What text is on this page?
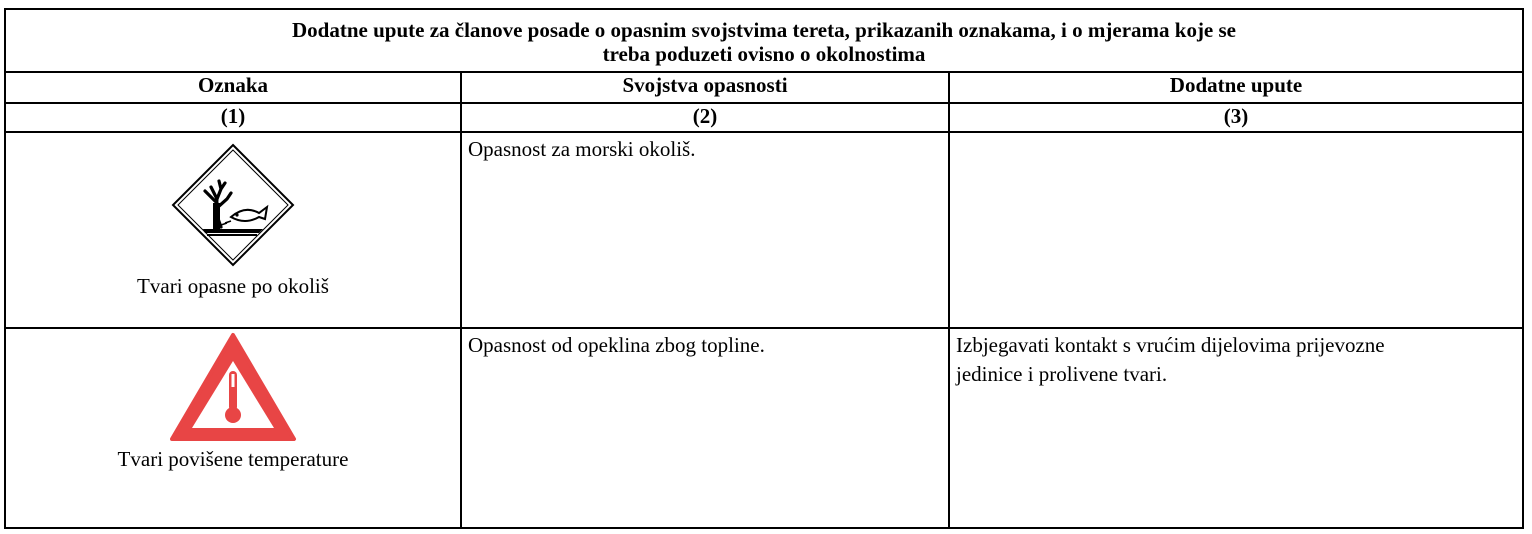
Dodatne upute za članove posade o opasnim svojstvima tereta, prikazanih oznakama, i o mjerama koje se
treba poduzeti ovisno o okolnostima		
Oznaka	Svojstva opasnosti	Dodatne upute
(1)	(2)	(3)

Tvari opasne po okoliš	Opasnost za morski okoliš.	

Tvari povišene temperature	Opasnost od opeklina zbog topline.	Izbjegavati kontakt s vrućim dijelovima prijevozne
jedinice i prolivene tvari.
